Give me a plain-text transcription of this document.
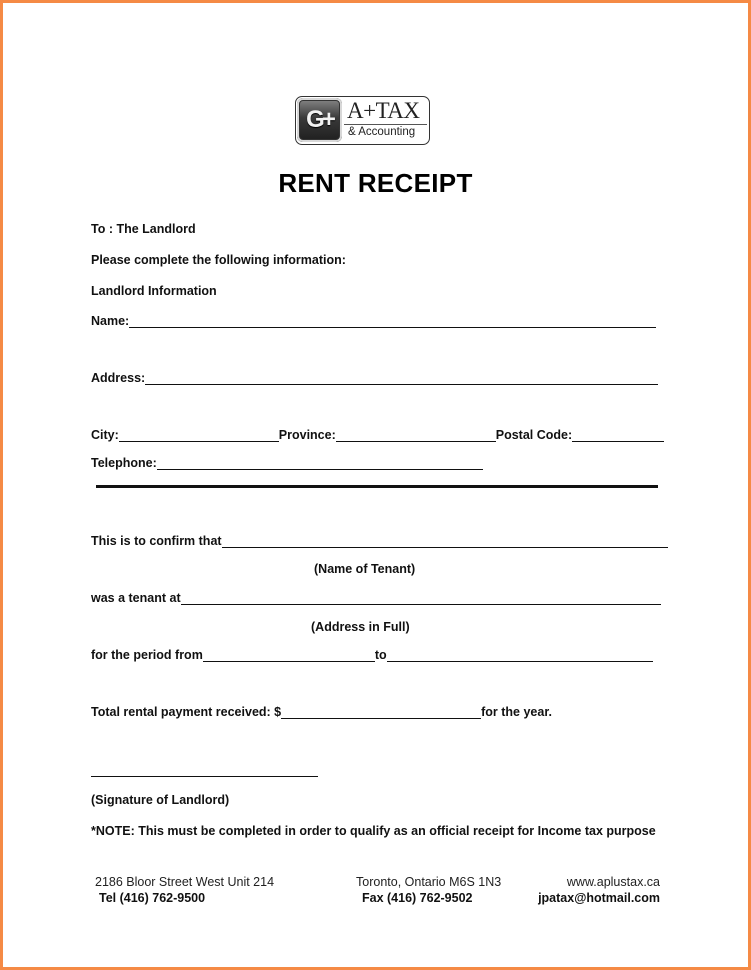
G+ A+TAX
& Accounting
RENT RECEIPT
To : The Landlord
Please complete the following information:
Landlord Information
Name:
Address:
City:	Province:	Postal Code:
Telephone:
This is to confirm that
(Name of Tenant)
was a tenant at
(Address in Full)
for the period from	to
Total rental payment received: $	for the year.
(Signature of Landlord)
*NOTE: This must be completed in order to qualify as an official receipt for Income tax purpose
2186 Bloor Street West Unit 214
Tel (416) 762-9500
Toronto, Ontario M6S 1N3
Fax (416) 762-9502
www.aplustax.ca
jpatax@hotmail.com
